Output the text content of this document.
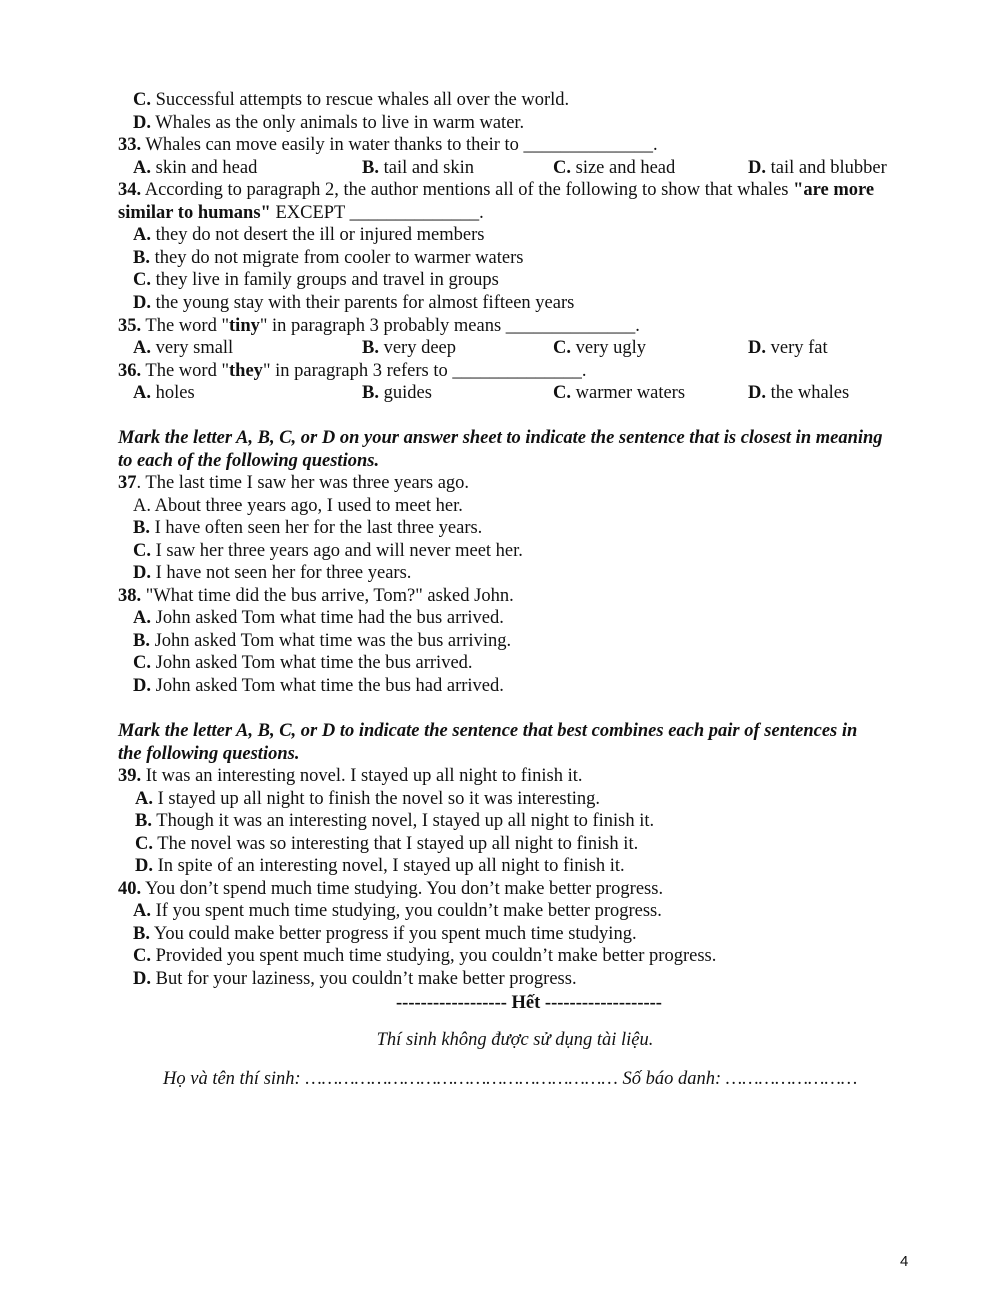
C. Successful attempts to rescue whales all over the world.
D. Whales as the only animals to live in warm water.
33. Whales can move easily in water thanks to their to ______________.
A. skin and head	B. tail and skin	C. size and head	D. tail and blubber
34. According to paragraph 2, the author mentions all of the following to show that whales "are more
similar to humans" EXCEPT ______________.
A. they do not desert the ill or injured members
B. they do not migrate from cooler to warmer waters
C. they live in family groups and travel in groups
D. the young stay with their parents for almost fifteen years
35. The word "tiny" in paragraph 3 probably means ______________.
A. very small	B. very deep	C. very ugly	D. very fat
36. The word "they" in paragraph 3 refers to ______________.
A. holes	B. guides	C. warmer waters	D. the whales
Mark the letter A, B, C, or D on your answer sheet to indicate the sentence that is closest in meaning
to each of the following questions.
37. The last time I saw her was three years ago.
A. About three years ago, I used to meet her.
B. I have often seen her for the last three years.
C. I saw her three years ago and will never meet her.
D. I have not seen her for three years.
38. "What time did the bus arrive, Tom?" asked John.
A. John asked Tom what time had the bus arrived.
B. John asked Tom what time was the bus arriving.
C. John asked Tom what time the bus arrived.
D. John asked Tom what time the bus had arrived.
Mark the letter A, B, C, or D to indicate the sentence that best combines each pair of sentences in
the following questions.
39. It was an interesting novel. I stayed up all night to finish it.
A. I stayed up all night to finish the novel so it was interesting.
B. Though it was an interesting novel, I stayed up all night to finish it.
C. The novel was so interesting that I stayed up all night to finish it.
D. In spite of an interesting novel, I stayed up all night to finish it.
40. You don’t spend much time studying. You don’t make better progress.
A. If you spent much time studying, you couldn’t make better progress.
B. You could make better progress if you spent much time studying.
C. Provided you spent much time studying, you couldn’t make better progress.
D. But for your laziness, you couldn’t make better progress.
------------------ Hết -------------------
Thí sinh không được sử dụng tài liệu.
Họ và tên thí sinh: ………………………………………………… Số báo danh: ……………………
4
